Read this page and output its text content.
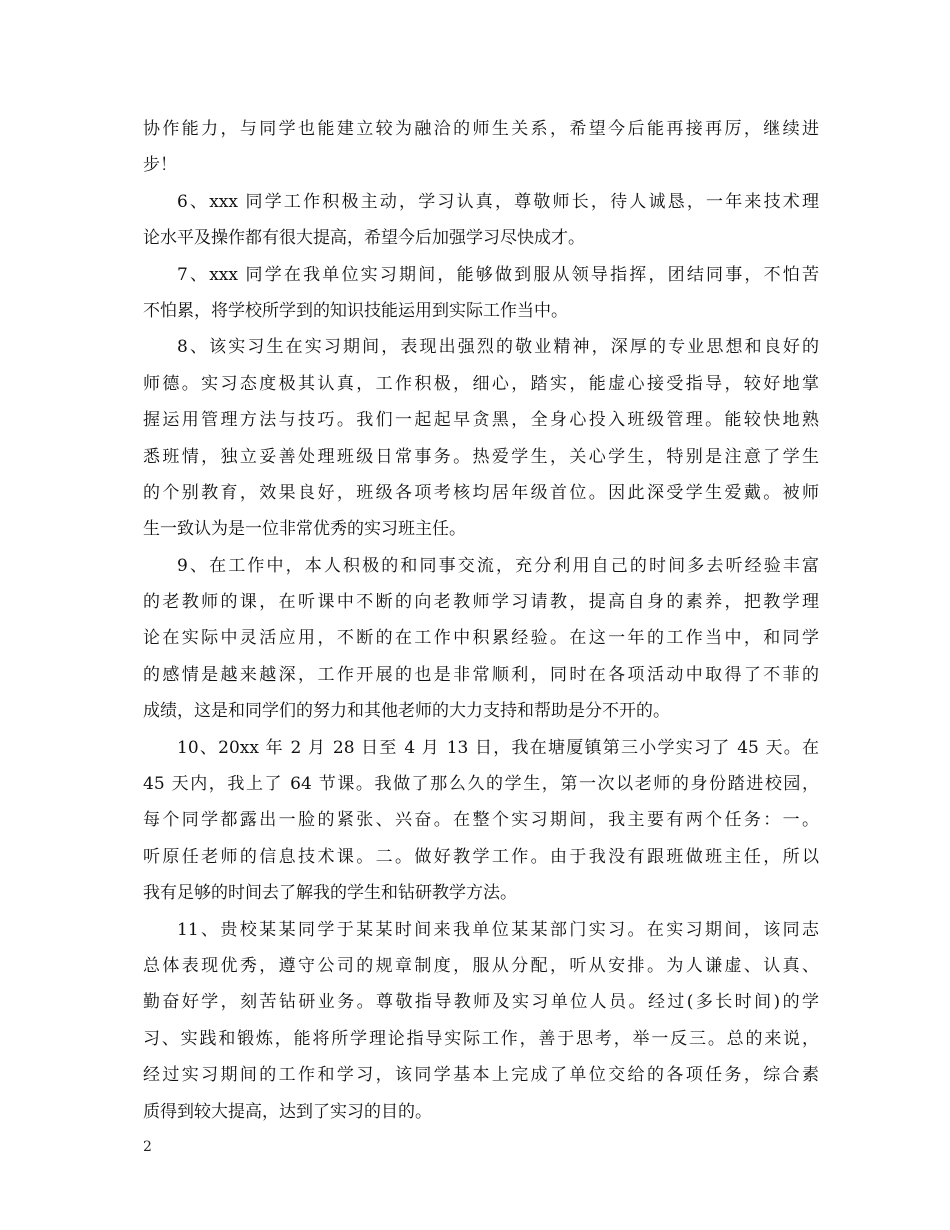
协作能力，与同学也能建立较为融洽的师生关系，希望今后能再接再厉，继续进
步！
6、xxx 同学工作积极主动，学习认真，尊敬师长，待人诚恳，一年来技术理
论水平及操作都有很大提高，希望今后加强学习尽快成才。
7、xxx 同学在我单位实习期间，能够做到服从领导指挥，团结同事，不怕苦
不怕累，将学校所学到的知识技能运用到实际工作当中。
8、该实习生在实习期间，表现出强烈的敬业精神，深厚的专业思想和良好的
师德。实习态度极其认真，工作积极，细心，踏实，能虚心接受指导，较好地掌
握运用管理方法与技巧。我们一起起早贪黑，全身心投入班级管理。能较快地熟
悉班情，独立妥善处理班级日常事务。热爱学生，关心学生，特别是注意了学生
的个别教育，效果良好，班级各项考核均居年级首位。因此深受学生爱戴。被师
生一致认为是一位非常优秀的实习班主任。
9、在工作中，本人积极的和同事交流，充分利用自己的时间多去听经验丰富
的老教师的课，在听课中不断的向老教师学习请教，提高自身的素养，把教学理
论在实际中灵活应用，不断的在工作中积累经验。在这一年的工作当中，和同学
的感情是越来越深，工作开展的也是非常顺利，同时在各项活动中取得了不菲的
成绩，这是和同学们的努力和其他老师的大力支持和帮助是分不开的。
10、20xx 年 2 月 28 日至 4 月 13 日，我在塘厦镇第三小学实习了 45 天。在
45 天内，我上了 64 节课。我做了那么久的学生，第一次以老师的身份踏进校园，
每个同学都露出一脸的紧张、兴奋。在整个实习期间，我主要有两个任务：一。
听原任老师的信息技术课。二。做好教学工作。由于我没有跟班做班主任，所以
我有足够的时间去了解我的学生和钻研教学方法。
11、贵校某某同学于某某时间来我单位某某部门实习。在实习期间，该同志
总体表现优秀，遵守公司的规章制度，服从分配，听从安排。为人谦虚、认真、
勤奋好学，刻苦钻研业务。尊敬指导教师及实习单位人员。经过(多长时间)的学
习、实践和锻炼，能将所学理论指导实际工作，善于思考，举一反三。总的来说，
经过实习期间的工作和学习，该同学基本上完成了单位交给的各项任务，综合素
质得到较大提高，达到了实习的目的。
2
